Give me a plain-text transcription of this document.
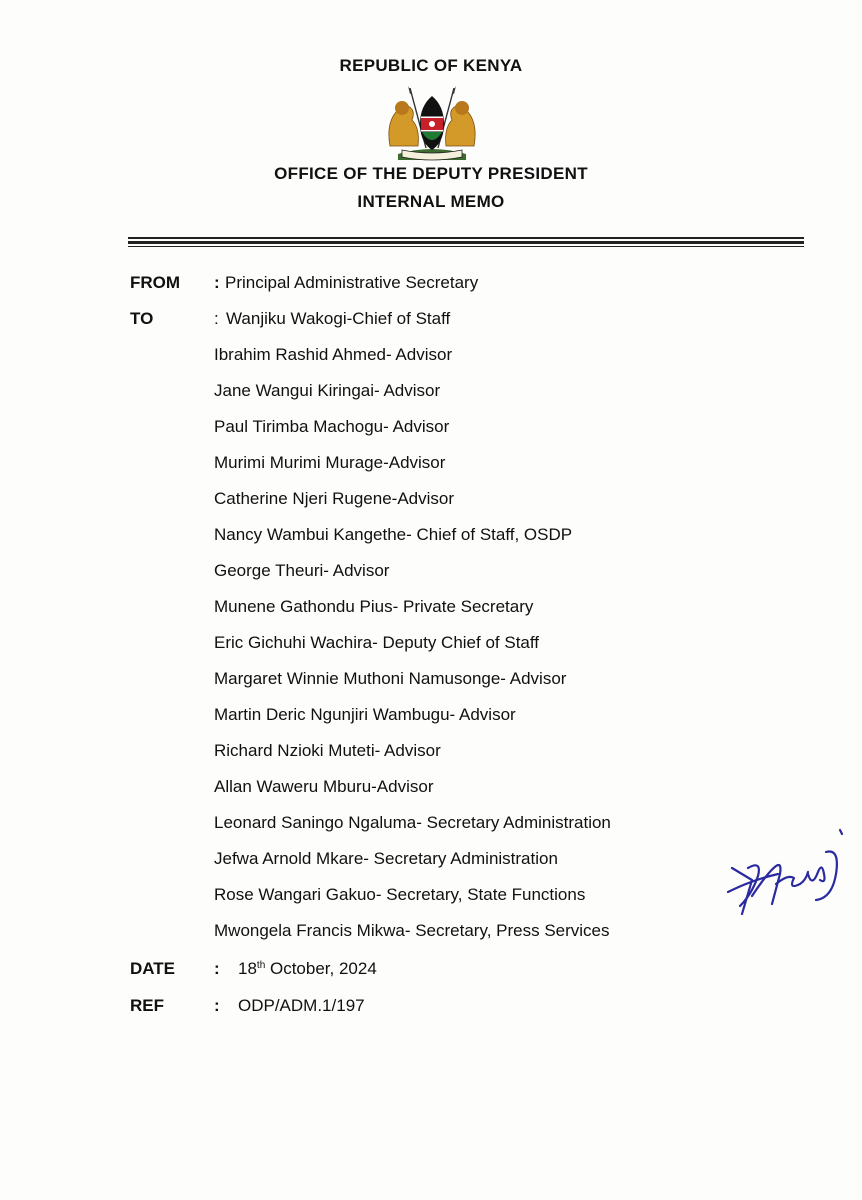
REPUBLIC OF KENYA
OFFICE OF THE DEPUTY PRESIDENT
INTERNAL MEMO
FROM : Principal Administrative Secretary
TO	: Wanjiku Wakogi-Chief of Staff
Ibrahim Rashid Ahmed- Advisor
Jane Wangui Kiringai- Advisor
Paul Tirimba Machogu- Advisor
Murimi Murimi Murage-Advisor
Catherine Njeri Rugene-Advisor
Nancy Wambui Kangethe- Chief of Staff, OSDP
George Theuri- Advisor
Munene Gathondu Pius- Private Secretary
Eric Gichuhi Wachira- Deputy Chief of Staff
Margaret Winnie Muthoni Namusonge- Advisor
Martin Deric Ngunjiri Wambugu- Advisor
Richard Nzioki Muteti- Advisor
Allan Waweru Mburu-Advisor
Leonard Saningo Ngaluma- Secretary Administration
Jefwa Arnold Mkare- Secretary Administration
Rose Wangari Gakuo- Secretary, State Functions
Mwongela Francis Mikwa- Secretary, Press Services
DATE : 18th October, 2024
REF	: ODP/ADM.1/197
